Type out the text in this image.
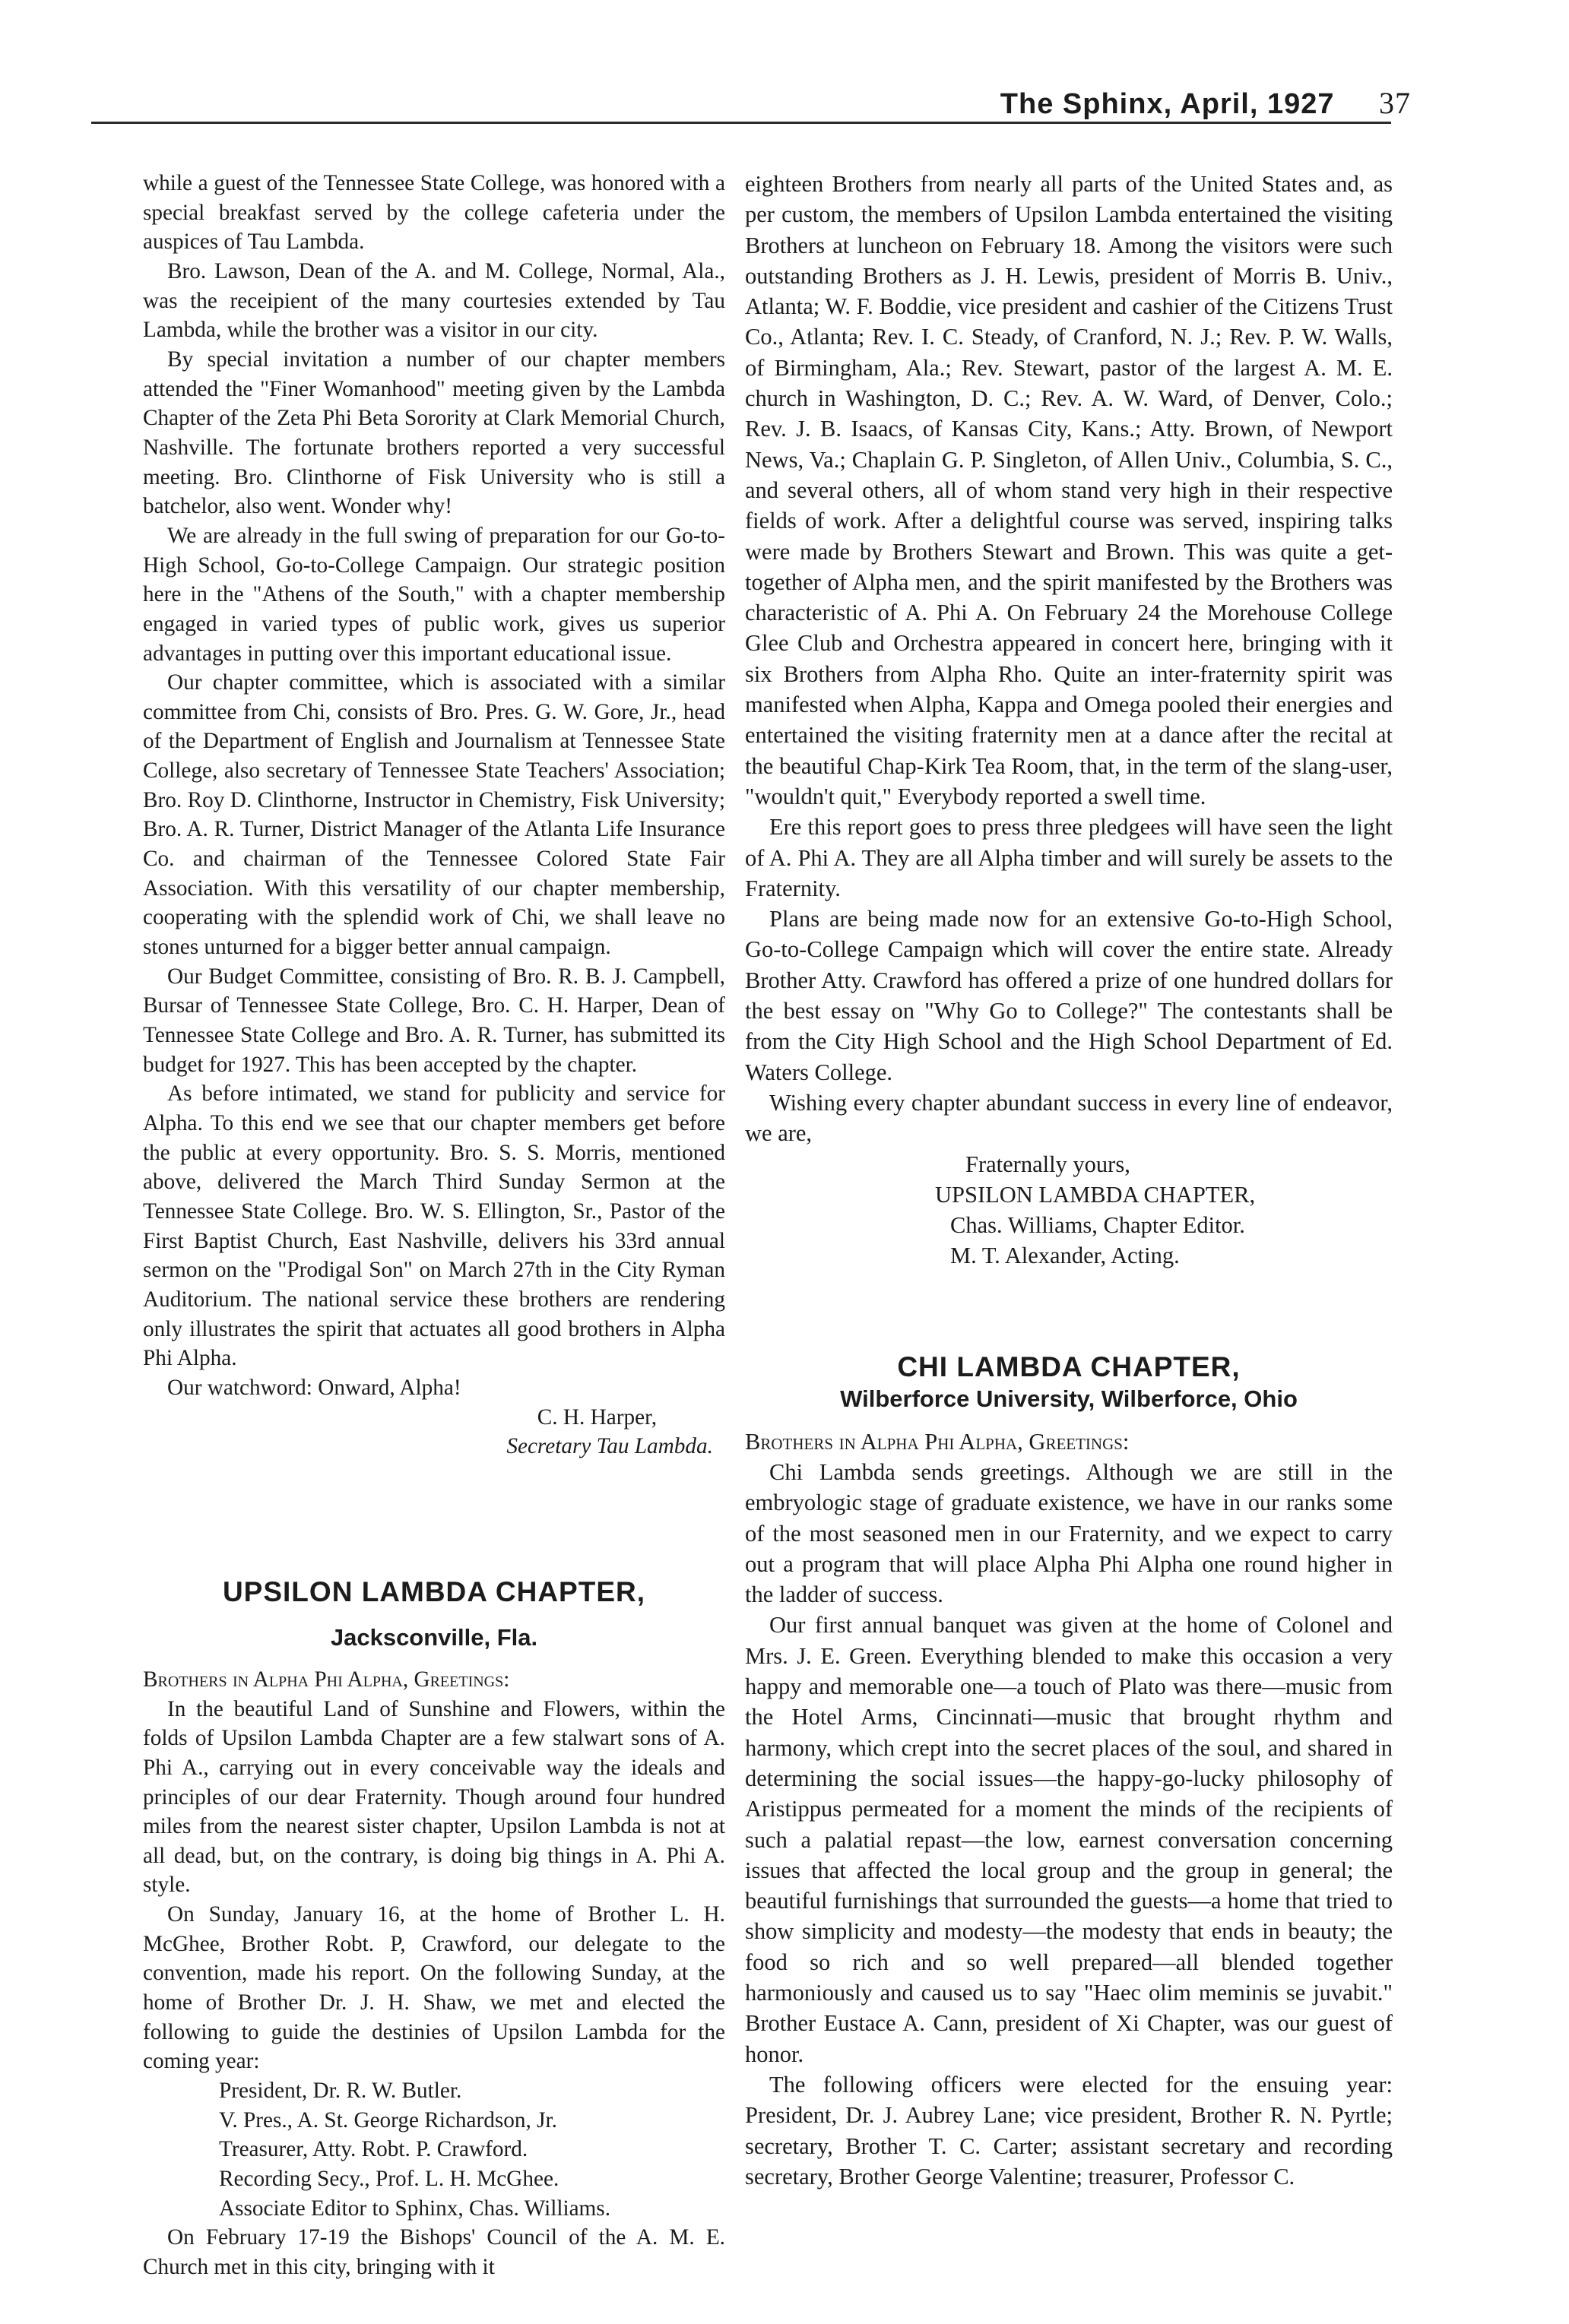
The Sphinx, April, 1927 37

while a guest of the Tennessee State College, was honored with a special breakfast served by the college cafeteria under the auspices of Tau Lambda.

Bro. Lawson, Dean of the A. and M. College, Normal, Ala., was the receipient of the many courtesies extended by Tau Lambda, while the brother was a visitor in our city.

By special invitation a number of our chapter members attended the "Finer Womanhood" meeting given by the Lambda Chapter of the Zeta Phi Beta Sorority at Clark Memorial Church, Nashville. The fortunate brothers reported a very successful meeting. Bro. Clinthorne of Fisk University who is still a batchelor, also went. Wonder why!

We are already in the full swing of preparation for our Go-to-High School, Go-to-College Campaign. Our strategic position here in the "Athens of the South," with a chapter membership engaged in varied types of public work, gives us superior advantages in putting over this important educational issue.

Our chapter committee, which is associated with a similar committee from Chi, consists of Bro. Pres. G. W. Gore, Jr., head of the Department of English and Journalism at Tennessee State College, also secretary of Tennessee State Teachers' Association; Bro. Roy D. Clinthorne, Instructor in Chemistry, Fisk University; Bro. A. R. Turner, District Manager of the Atlanta Life Insurance Co. and chairman of the Tennessee Colored State Fair Association. With this versatility of our chapter membership, cooperating with the splendid work of Chi, we shall leave no stones unturned for a bigger better annual campaign.

Our Budget Committee, consisting of Bro. R. B. J. Campbell, Bursar of Tennessee State College, Bro. C. H. Harper, Dean of Tennessee State College and Bro. A. R. Turner, has submitted its budget for 1927. This has been accepted by the chapter.

As before intimated, we stand for publicity and service for Alpha. To this end we see that our chapter members get before the public at every opportunity. Bro. S. S. Morris, mentioned above, delivered the March Third Sunday Sermon at the Tennessee State College. Bro. W. S. Ellington, Sr., Pastor of the First Baptist Church, East Nashville, delivers his 33rd annual sermon on the "Prodigal Son" on March 27th in the City Ryman Auditorium. The national service these brothers are rendering only illustrates the spirit that actuates all good brothers in Alpha Phi Alpha.

Our watchword: Onward, Alpha!

C. H. Harper,

Secretary Tau Lambda.

UPSILON LAMBDA CHAPTER,
Jacksconville, Fla.

Brothers in Alpha Phi Alpha, Greetings:

In the beautiful Land of Sunshine and Flowers, within the folds of Upsilon Lambda Chapter are a few stalwart sons of A. Phi A., carrying out in every conceivable way the ideals and principles of our dear Fraternity. Though around four hundred miles from the nearest sister chapter, Upsilon Lambda is not at all dead, but, on the contrary, is doing big things in A. Phi A. style.

On Sunday, January 16, at the home of Brother L. H. McGhee, Brother Robt. P, Crawford, our delegate to the convention, made his report. On the following Sunday, at the home of Brother Dr. J. H. Shaw, we met and elected the following to guide the destinies of Upsilon Lambda for the coming year:

President, Dr. R. W. Butler.

V. Pres., A. St. George Richardson, Jr.

Treasurer, Atty. Robt. P. Crawford.

Recording Secy., Prof. L. H. McGhee.

Associate Editor to Sphinx, Chas. Williams.

On February 17-19 the Bishops' Council of the A. M. E. Church met in this city, bringing with it

eighteen Brothers from nearly all parts of the United States and, as per custom, the members of Upsilon Lambda entertained the visiting Brothers at luncheon on February 18. Among the visitors were such outstanding Brothers as J. H. Lewis, president of Morris B. Univ., Atlanta; W. F. Boddie, vice president and cashier of the Citizens Trust Co., Atlanta; Rev. I. C. Steady, of Cranford, N. J.; Rev. P. W. Walls, of Birmingham, Ala.; Rev. Stewart, pastor of the largest A. M. E. church in Washington, D. C.; Rev. A. W. Ward, of Denver, Colo.; Rev. J. B. Isaacs, of Kansas City, Kans.; Atty. Brown, of Newport News, Va.; Chaplain G. P. Singleton, of Allen Univ., Columbia, S. C., and several others, all of whom stand very high in their respective fields of work. After a delightful course was served, inspiring talks were made by Brothers Stewart and Brown. This was quite a get-together of Alpha men, and the spirit manifested by the Brothers was characteristic of A. Phi A. On February 24 the Morehouse College Glee Club and Orchestra appeared in concert here, bringing with it six Brothers from Alpha Rho. Quite an inter-fraternity spirit was manifested when Alpha, Kappa and Omega pooled their energies and entertained the visiting fraternity men at a dance after the recital at the beautiful Chap-Kirk Tea Room, that, in the term of the slang-user, "wouldn't quit," Everybody reported a swell time.

Ere this report goes to press three pledgees will have seen the light of A. Phi A. They are all Alpha timber and will surely be assets to the Fraternity.

Plans are being made now for an extensive Go-to-High School, Go-to-College Campaign which will cover the entire state. Already Brother Atty. Crawford has offered a prize of one hundred dollars for the best essay on "Why Go to College?" The contestants shall be from the City High School and the High School Department of Ed. Waters College.

Wishing every chapter abundant success in every line of endeavor, we are,

Fraternally yours,

UPSILON LAMBDA CHAPTER,

Chas. Williams, Chapter Editor.

M. T. Alexander, Acting.

CHI LAMBDA CHAPTER,
Wilberforce University, Wilberforce, Ohio

Brothers in Alpha Phi Alpha, Greetings:

Chi Lambda sends greetings. Although we are still in the embryologic stage of graduate existence, we have in our ranks some of the most seasoned men in our Fraternity, and we expect to carry out a program that will place Alpha Phi Alpha one round higher in the ladder of success.

Our first annual banquet was given at the home of Colonel and Mrs. J. E. Green. Everything blended to make this occasion a very happy and memorable one—a touch of Plato was there—music from the Hotel Arms, Cincinnati—music that brought rhythm and harmony, which crept into the secret places of the soul, and shared in determining the social issues—the happy-go-lucky philosophy of Aristippus permeated for a moment the minds of the recipients of such a palatial repast—the low, earnest conversation concerning issues that affected the local group and the group in general; the beautiful furnishings that surrounded the guests—a home that tried to show simplicity and modesty—the modesty that ends in beauty; the food so rich and so well prepared—all blended together harmoniously and caused us to say "Haec olim meminis se juvabit." Brother Eustace A. Cann, president of Xi Chapter, was our guest of honor.

The following officers were elected for the ensuing year: President, Dr. J. Aubrey Lane; vice president, Brother R. N. Pyrtle; secretary, Brother T. C. Carter; assistant secretary and recording secretary, Brother George Valentine; treasurer, Professor C.
